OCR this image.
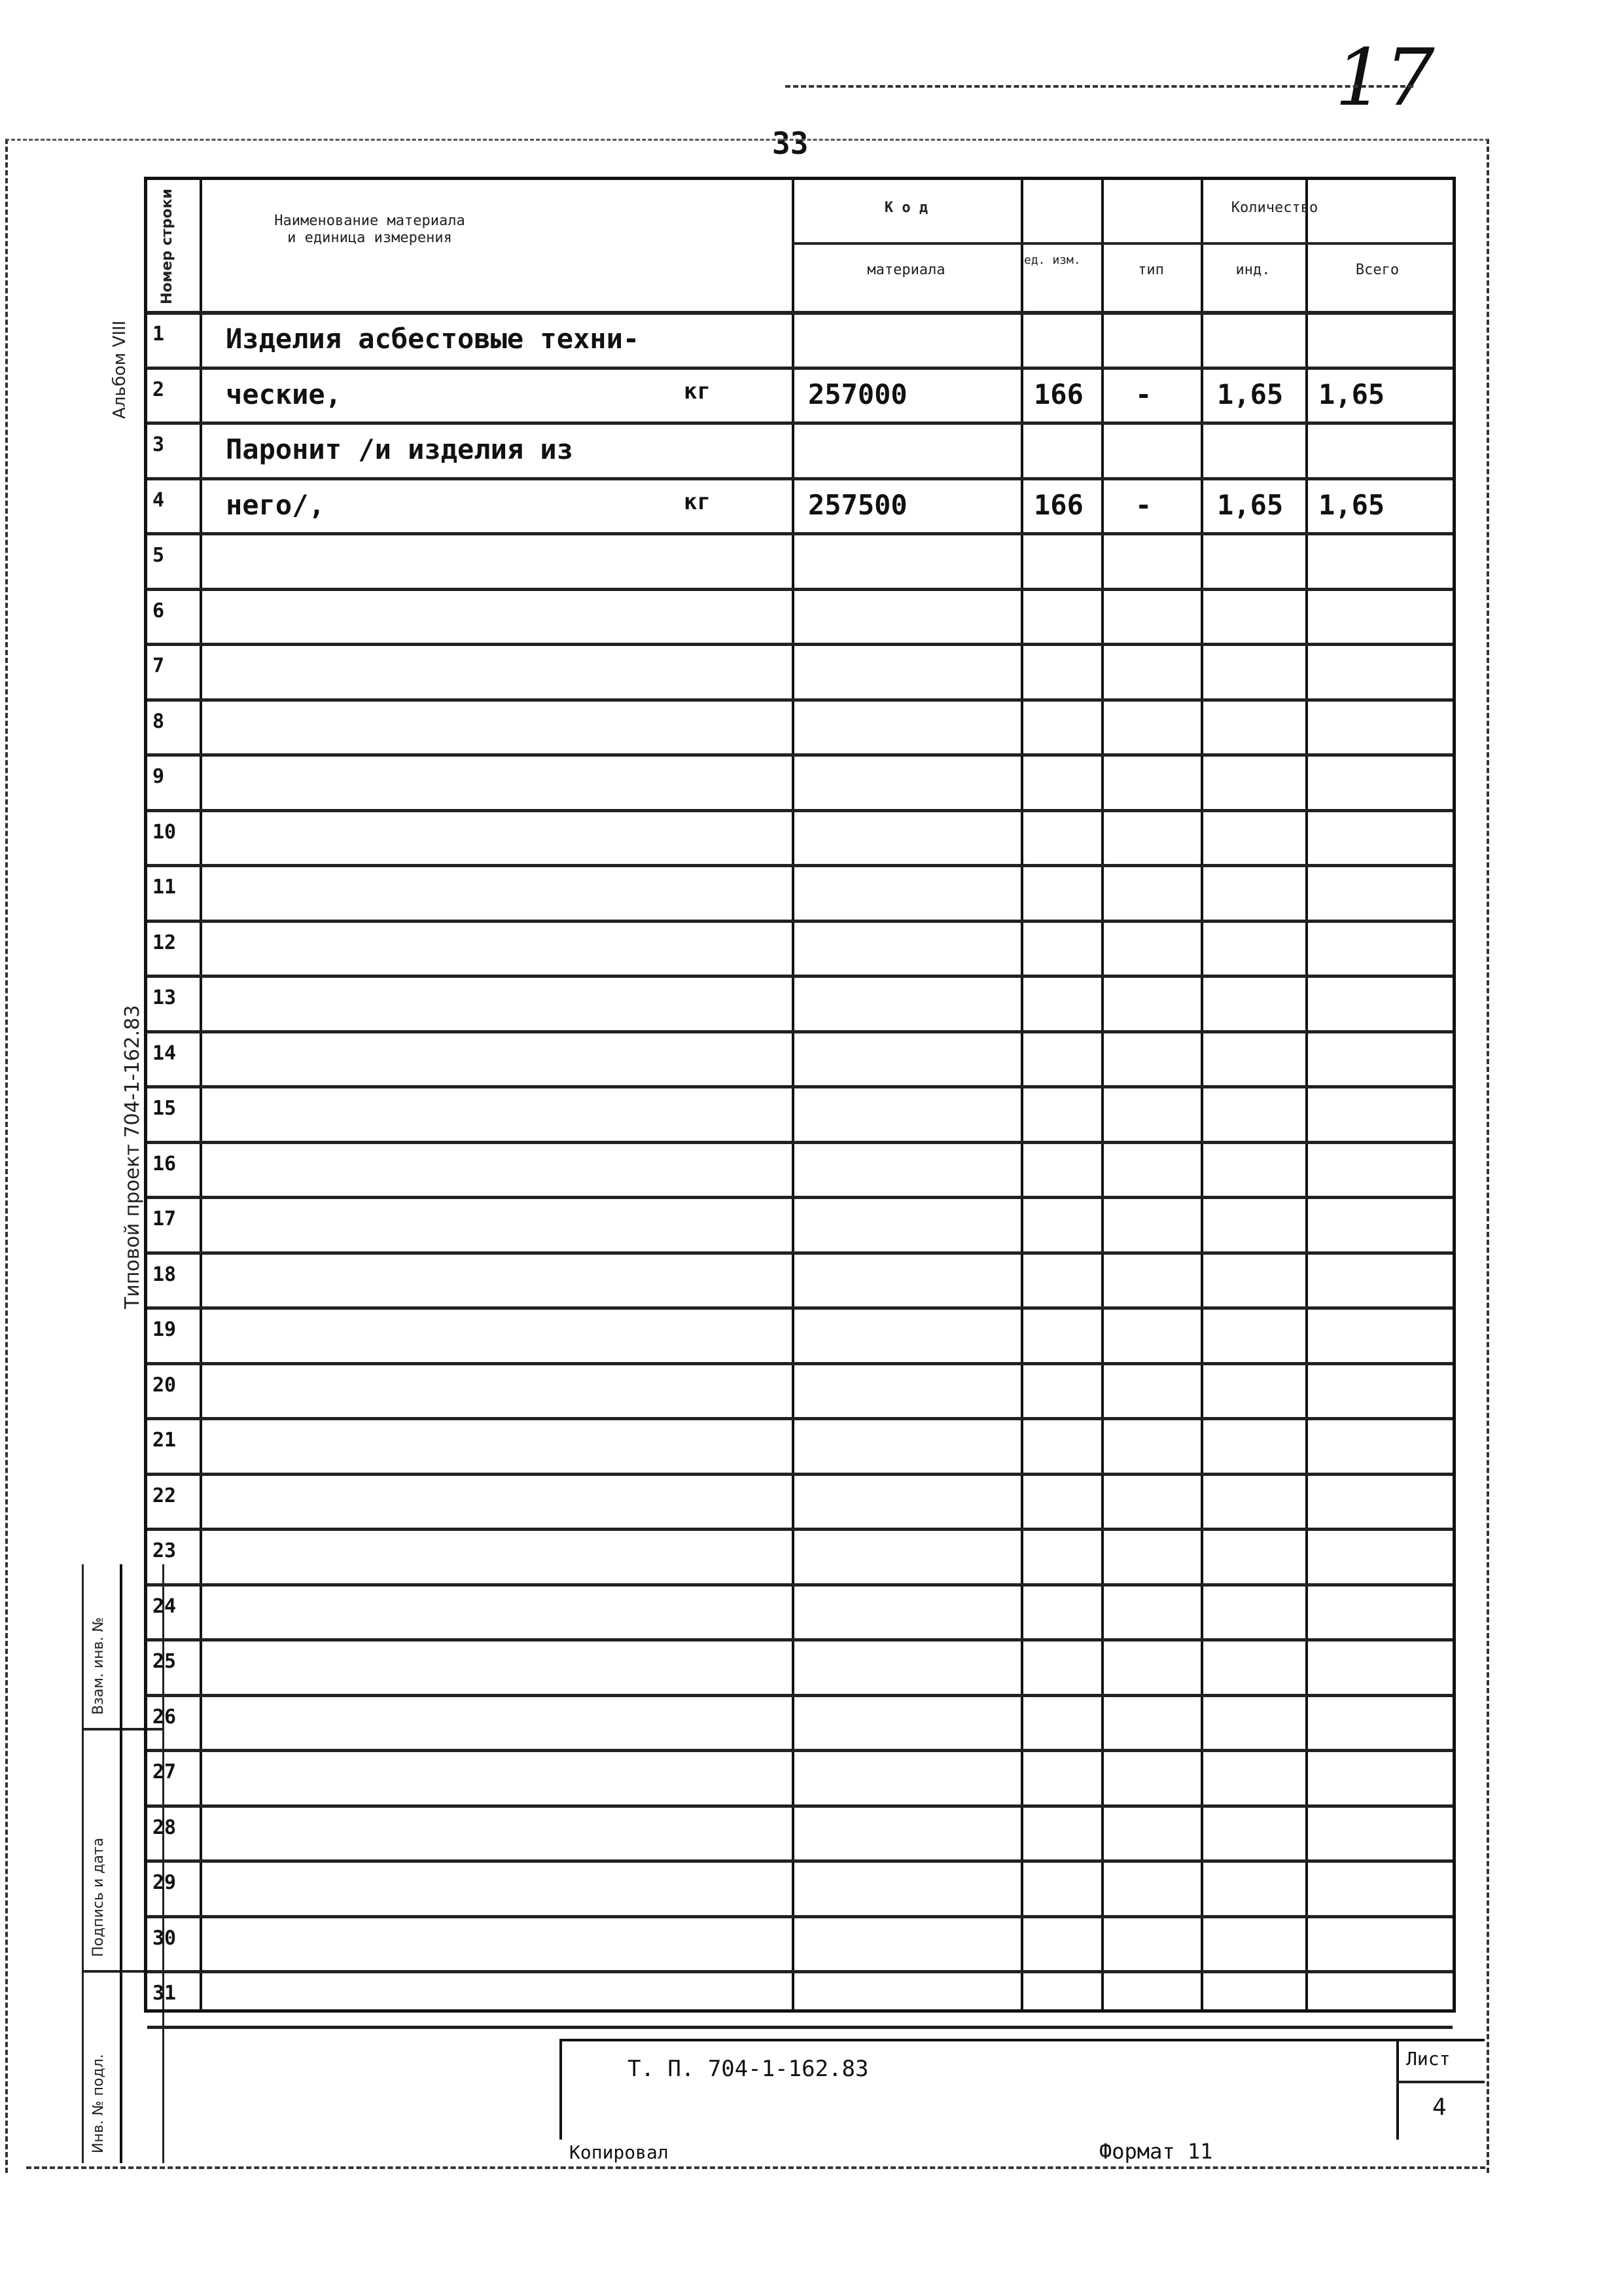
17
33
Альбом VIII
Типовой проект 704-1-162.83
Взам. инв. №
Подпись и дата
Инв. № подл.
Номер строки	Наименование материала
и единица измерения
К о д	Количество
материала
ед. изм.
тип	инд.	Всего
1	Изделия асбестовые техни-
2	ческие,	кг	257000	166 - 1,65 1,65
3	Паронит /и изделия из
4	него/,	кг	257500	166 - 1,65 1,65
5
6
7
8
9
10
11
12
13
14
15
16
17
18
19
20
21
22
23
24
25
26
27
28
29
30
31
Т. П. 704-1-162.83	Лист
4
Копировал	Формат 11
